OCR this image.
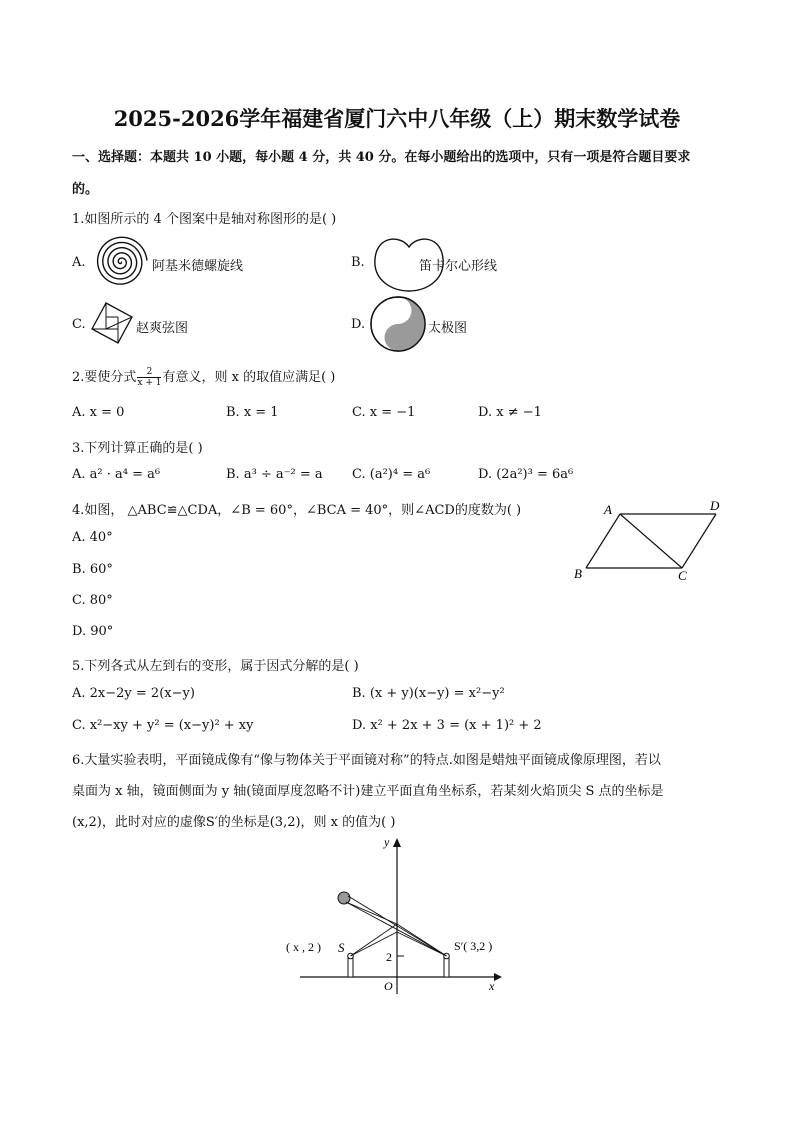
2025-2026学年福建省厦门六中八年级（上）期末数学试卷
一、选择题：本题共 10 小题，每小题 4 分，共 40 分。在每小题给出的选项中，只有一项是符合题目要求
的。
1.如图所示的 4 个图案中是轴对称图形的是( )
A.	阿基米德螺旋线	B.	笛卡尔心形线
C.	赵爽弦图	D.	太极图
2.要使分式 $\frac{2}{x + 1}$ 有意义，则 x 的取值应满足( )
A. x = 0	B. x = 1	C. x = −1	D. x ≠ −1
3.下列计算正确的是( )
A. a² · a⁴ = a⁶	B. a³ ÷ a⁻² = a C. (a²)⁴ = a⁶	D. (2a²)³ = 6a⁶
4.如图， △ABC≌△CDA，∠B = 60°，∠BCA = 40°，则∠ACD的度数为( )
A. 40°
B. 60°
C. 80°
D. 90°
A	D
B	C
5.下列各式从左到右的变形，属于因式分解的是( )
A. 2x−2y = 2(x−y)	B. (x + y)(x−y) = x²−y²
C. x²−xy + y² = (x−y)² + xy	D. x² + 2x + 3 = (x + 1)² + 2
6.大量实验表明，平面镜成像有“像与物体关于平面镜对称”的特点.如图是蜡烛平面镜成像原理图，若以
桌面为 x 轴，镜面侧面为 y 轴(镜面厚度忽略不计)建立平面直角坐标系，若某刻火焰顶尖 S 点的坐标是
(x,2)，此时对应的虚像S′的坐标是(3,2)，则 x 的值为( )
y
x
O
2
( x , 2 ) S	S′( 3,2 )
